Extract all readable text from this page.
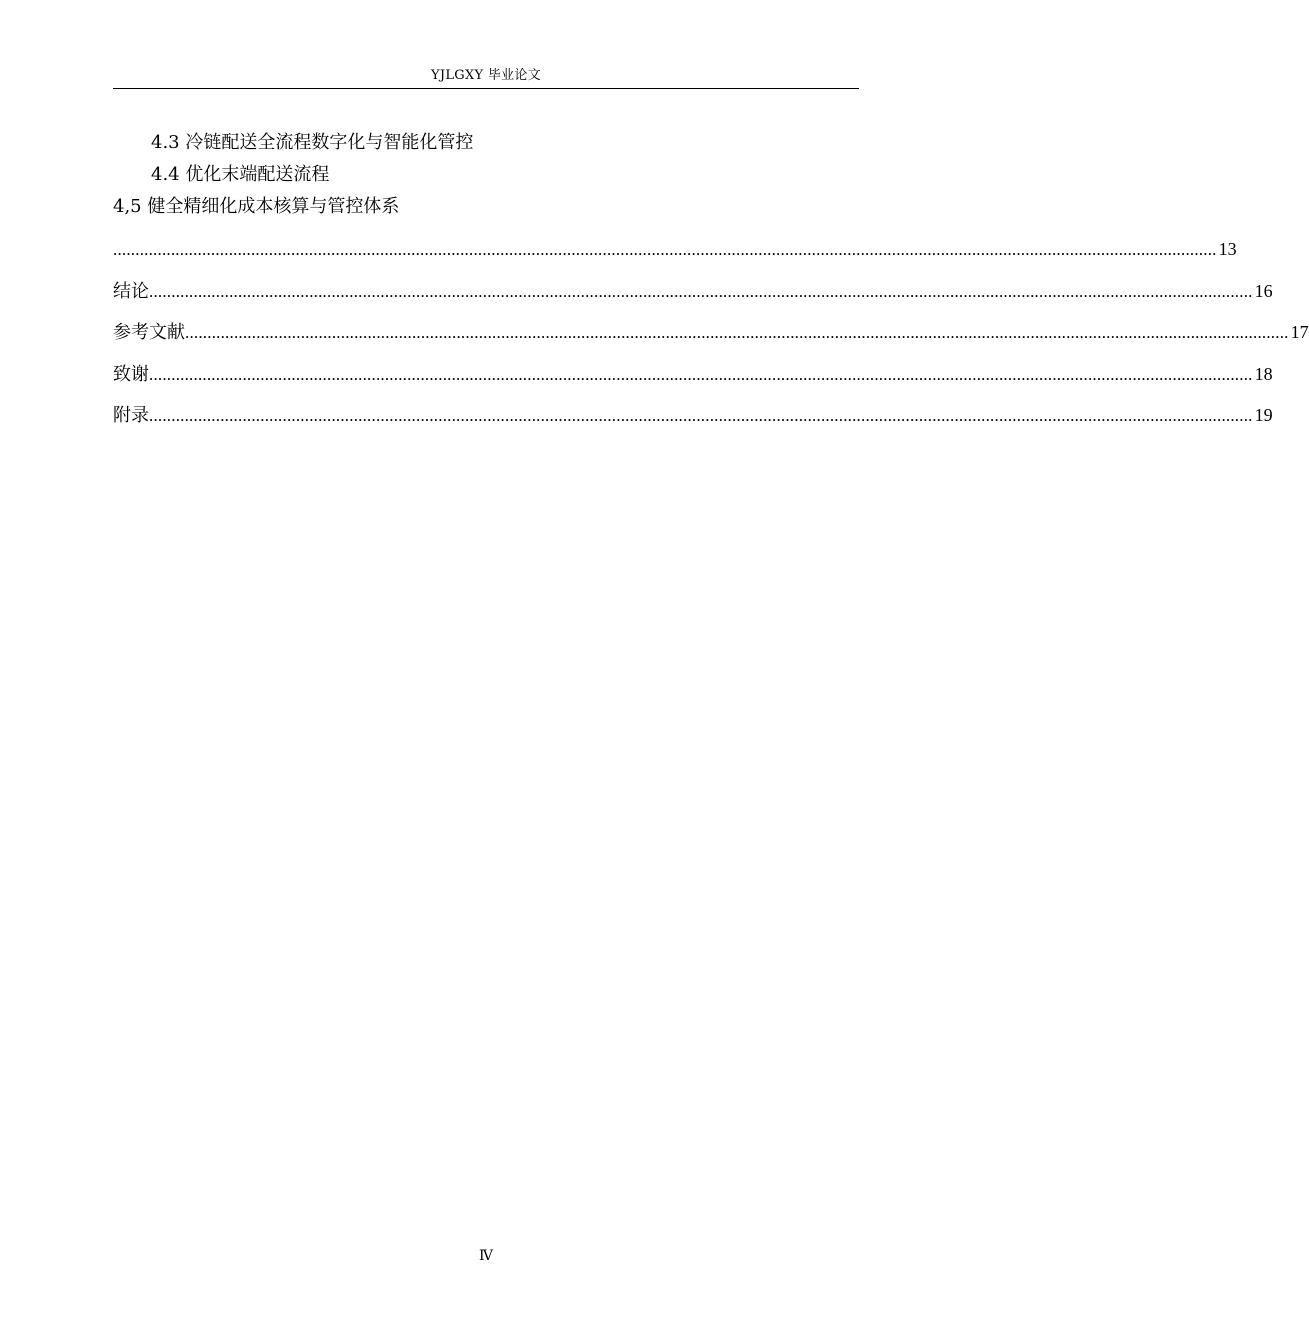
YJLGXY 毕业论文
4.3 冷链配送全流程数字化与智能化管控
4.4 优化末端配送流程
4,5 健全精细化成本核算与管控体系
........................................................................................................................................................................................................................................................ 13
结论 ........................................................................................................................................................................................................................................................ 16
参考文献 ........................................................................................................................................................................................................................................................ 17
致谢 ........................................................................................................................................................................................................................................................ 18
附录 ........................................................................................................................................................................................................................................................ 19
Ⅳ
